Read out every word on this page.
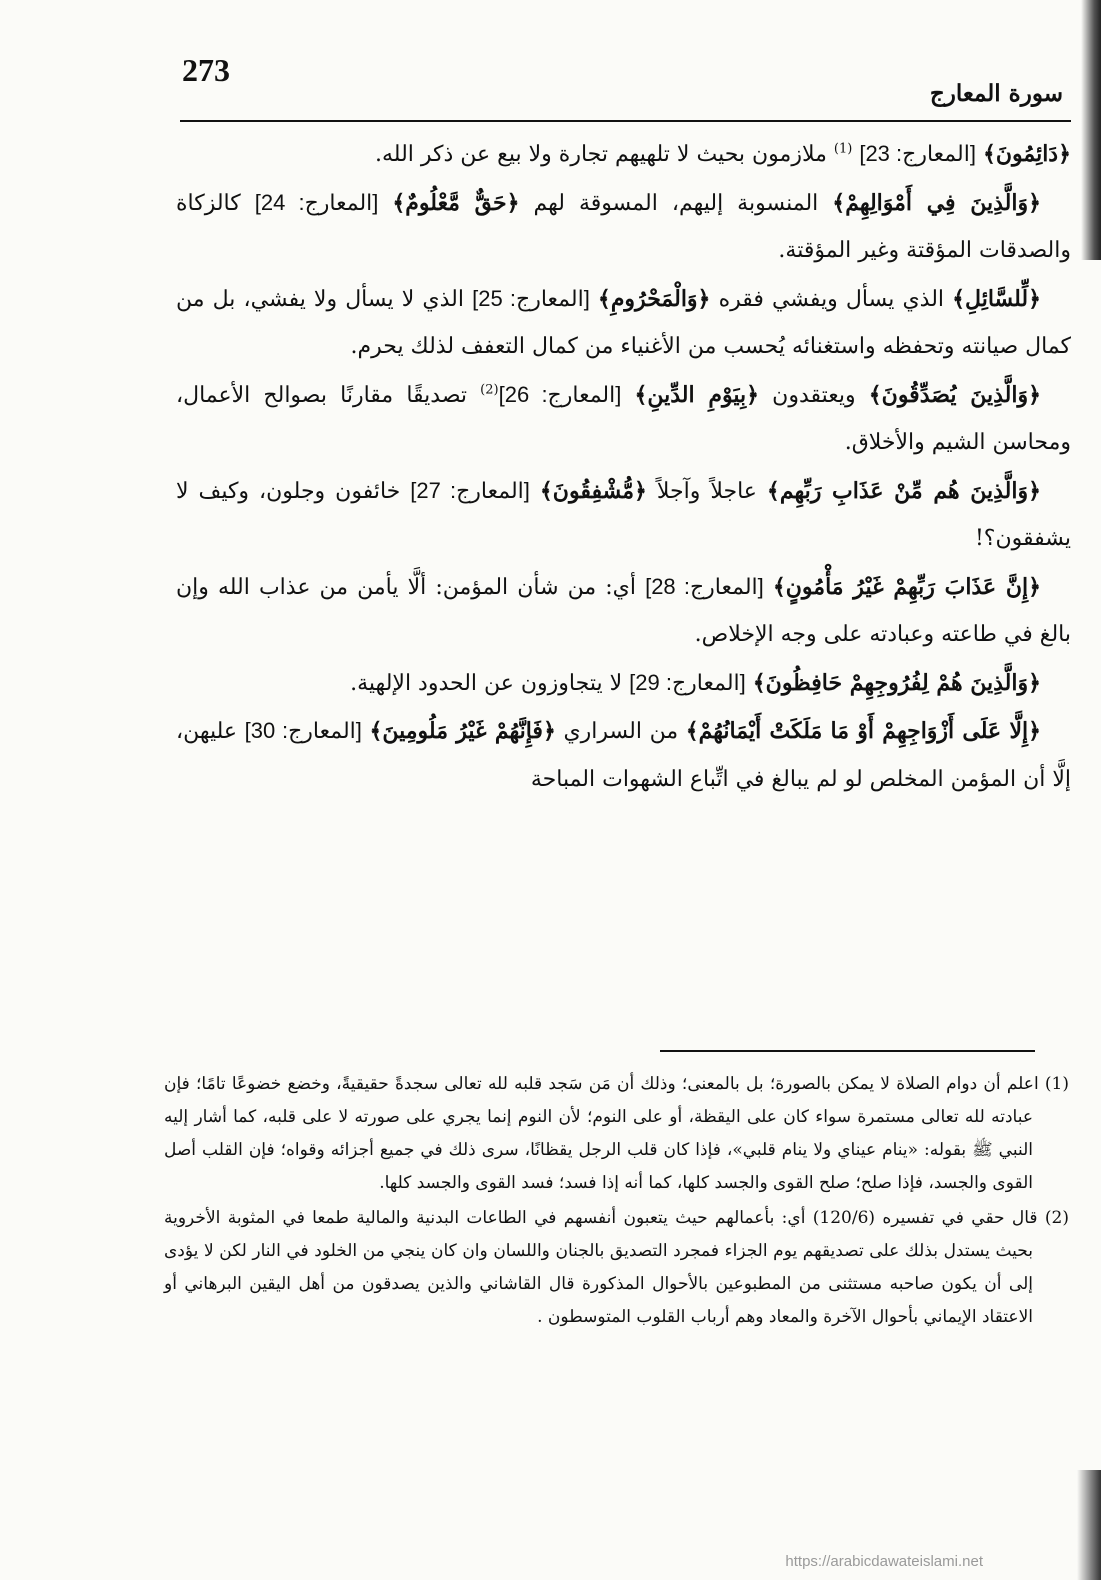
273
سورة المعارج

﴿دَائِمُونَ﴾ [المعارج: 23] $^{(1)}$ ملازمون بحيث لا تلهيهم تجارة ولا بيع عن ذكر الله.

﴿وَالَّذِينَ فِي أَمْوَالِهِمْ﴾ المنسوبة إليهم، المسوقة لهم ﴿حَقٌّ مَّعْلُومٌ﴾ [المعارج: 24] كالزكاة والصدقات المؤقتة وغير المؤقتة.

﴿لِّلسَّائِلِ﴾ الذي يسأل ويفشي فقره ﴿وَالْمَحْرُومِ﴾ [المعارج: 25] الذي لا يسأل ولا يفشي، بل من كمال صيانته وتحفظه واستغنائه يُحسب من الأغنياء من كمال التعفف لذلك يحرم.

﴿وَالَّذِينَ يُصَدِّقُونَ﴾ ويعتقدون ﴿بِيَوْمِ الدِّينِ﴾ [المعارج: 26]$^{(2)}$ تصديقًا مقارنًا بصوالح الأعمال، ومحاسن الشيم والأخلاق.

﴿وَالَّذِينَ هُم مِّنْ عَذَابِ رَبِّهِم﴾ عاجلاً وآجلاً ﴿مُّشْفِقُونَ﴾ [المعارج: 27] خائفون وجلون، وكيف لا يشفقون؟!

﴿إِنَّ عَذَابَ رَبِّهِمْ غَيْرُ مَأْمُونٍ﴾ [المعارج: 28] أي: من شأن المؤمن: ألَّا يأمن من عذاب الله وإن بالغ في طاعته وعبادته على وجه الإخلاص.

﴿وَالَّذِينَ هُمْ لِفُرُوجِهِمْ حَافِظُونَ﴾ [المعارج: 29] لا يتجاوزون عن الحدود الإلهية.

﴿إِلَّا عَلَى أَزْوَاجِهِمْ أَوْ مَا مَلَكَتْ أَيْمَانُهُمْ﴾ من السراري ﴿فَإِنَّهُمْ غَيْرُ مَلُومِينَ﴾ [المعارج: 30] عليهن، إلَّا أن المؤمن المخلص لو لم يبالغ في اتِّباع الشهوات المباحة

(1) اعلم أن دوام الصلاة لا يمكن بالصورة؛ بل بالمعنى؛ وذلك أن مَن سَجد قلبه لله تعالى سجدةً حقيقيةً، وخضع خضوعًا تامًا؛ فإن عبادته لله تعالى مستمرة سواء كان على اليقظة، أو على النوم؛ لأن النوم إنما يجري على صورته لا على قلبه، كما أشار إليه النبي ﷺ بقوله: «ينام عيناي ولا ينام قلبي»، فإذا كان قلب الرجل يقظانًا، سرى ذلك في جميع أجزائه وقواه؛ فإن القلب أصل القوى والجسد، فإذا صلح؛ صلح القوى والجسد كلها، كما أنه إذا فسد؛ فسد القوى والجسد كلها.

(2) قال حقي في تفسيره (120/6) أي: بأعمالهم حيث يتعبون أنفسهم في الطاعات البدنية والمالية طمعا في المثوبة الأخروية بحيث يستدل بذلك على تصديقهم يوم الجزاء فمجرد التصديق بالجنان واللسان وان كان ينجي من الخلود في النار لكن لا يؤدى إلى أن يكون صاحبه مستثنى من المطبوعين بالأحوال المذكورة قال القاشاني والذين يصدقون من أهل اليقين البرهاني أو الاعتقاد الإيماني بأحوال الآخرة والمعاد وهم أرباب القلوب المتوسطون .

https://arabicdawateislami.net
